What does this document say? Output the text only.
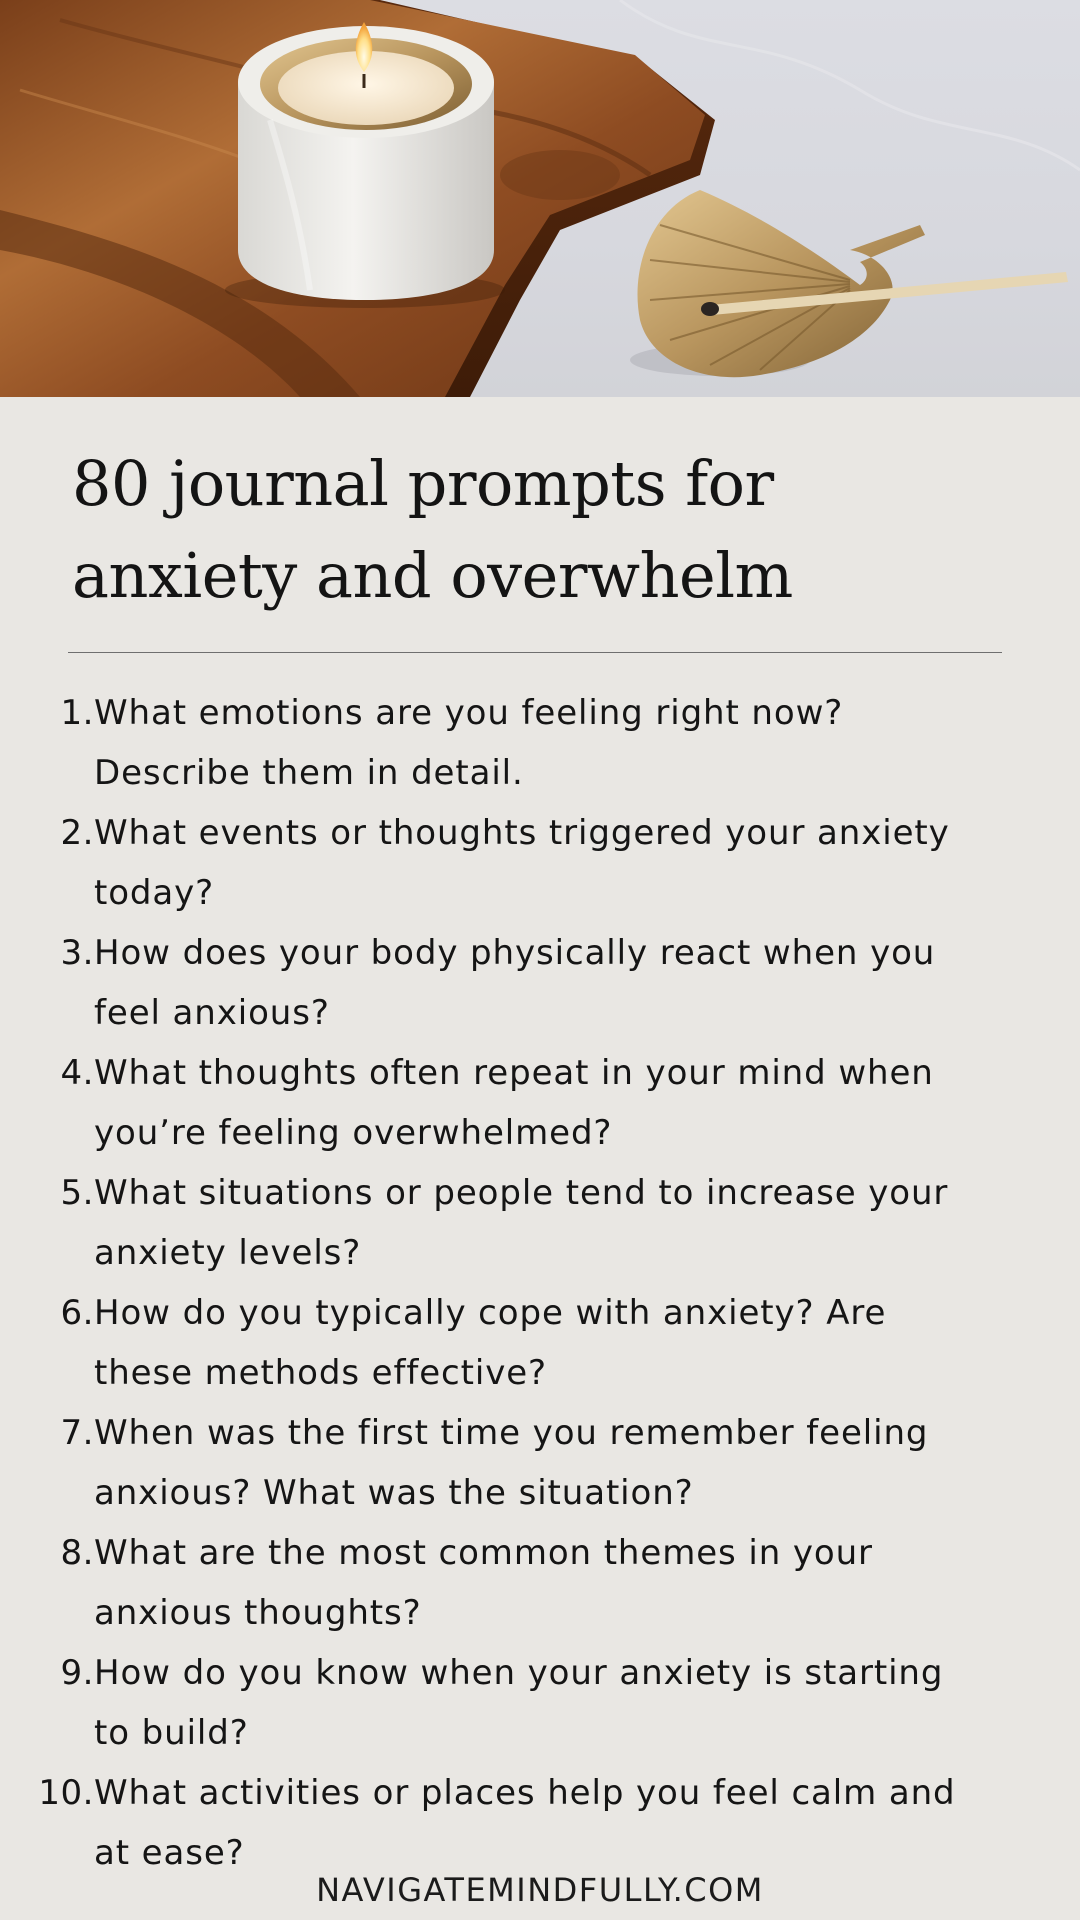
80 journal prompts for
anxiety and overwhelm
1. What emotions are you feeling right now?
Describe them in detail.
2. What events or thoughts triggered your anxiety
today?
3. How does your body physically react when you
feel anxious?
4. What thoughts often repeat in your mind when
you’re feeling overwhelmed?
5. What situations or people tend to increase your
anxiety levels?
6. How do you typically cope with anxiety? Are
these methods effective?
7. When was the first time you remember feeling
anxious? What was the situation?
8. What are the most common themes in your
anxious thoughts?
9. How do you know when your anxiety is starting
to build?
10. What activities or places help you feel calm and
at ease?
NAVIGATEMINDFULLY.COM
